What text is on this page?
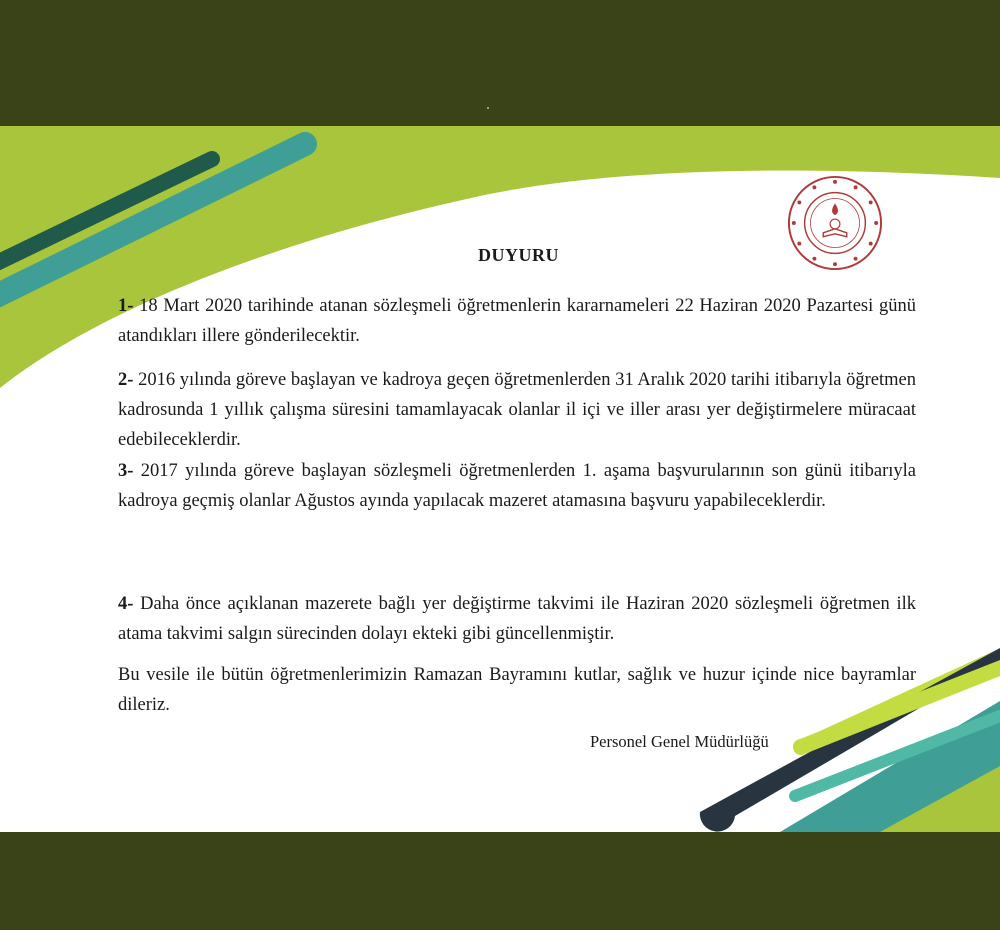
DUYURU

1- 18 Mart 2020 tarihinde atanan sözleşmeli öğretmenlerin kararnameleri 22 Haziran 2020 Pazartesi günü atandıkları illere gönderilecektir.

2- 2016 yılında göreve başlayan ve kadroya geçen öğretmenlerden 31 Aralık 2020 tarihi itibarıyla öğretmen kadrosunda 1 yıllık çalışma süresini tamamlayacak olanlar il içi ve iller arası yer değiştirmelere müracaat edebileceklerdir.

3- 2017 yılında göreve başlayan sözleşmeli öğretmenlerden 1. aşama başvurularının son günü itibarıyla kadroya geçmiş olanlar Ağustos ayında yapılacak mazeret atamasına başvuru yapabileceklerdir.

4- Daha önce açıklanan mazerete bağlı yer değiştirme takvimi ile Haziran 2020 sözleşmeli öğretmen ilk atama takvimi salgın sürecinden dolayı ekteki gibi güncellenmiştir.

Bu vesile ile bütün öğretmenlerimizin Ramazan Bayramını kutlar, sağlık ve huzur içinde nice bayramlar dileriz.

Personel Genel Müdürlüğü
